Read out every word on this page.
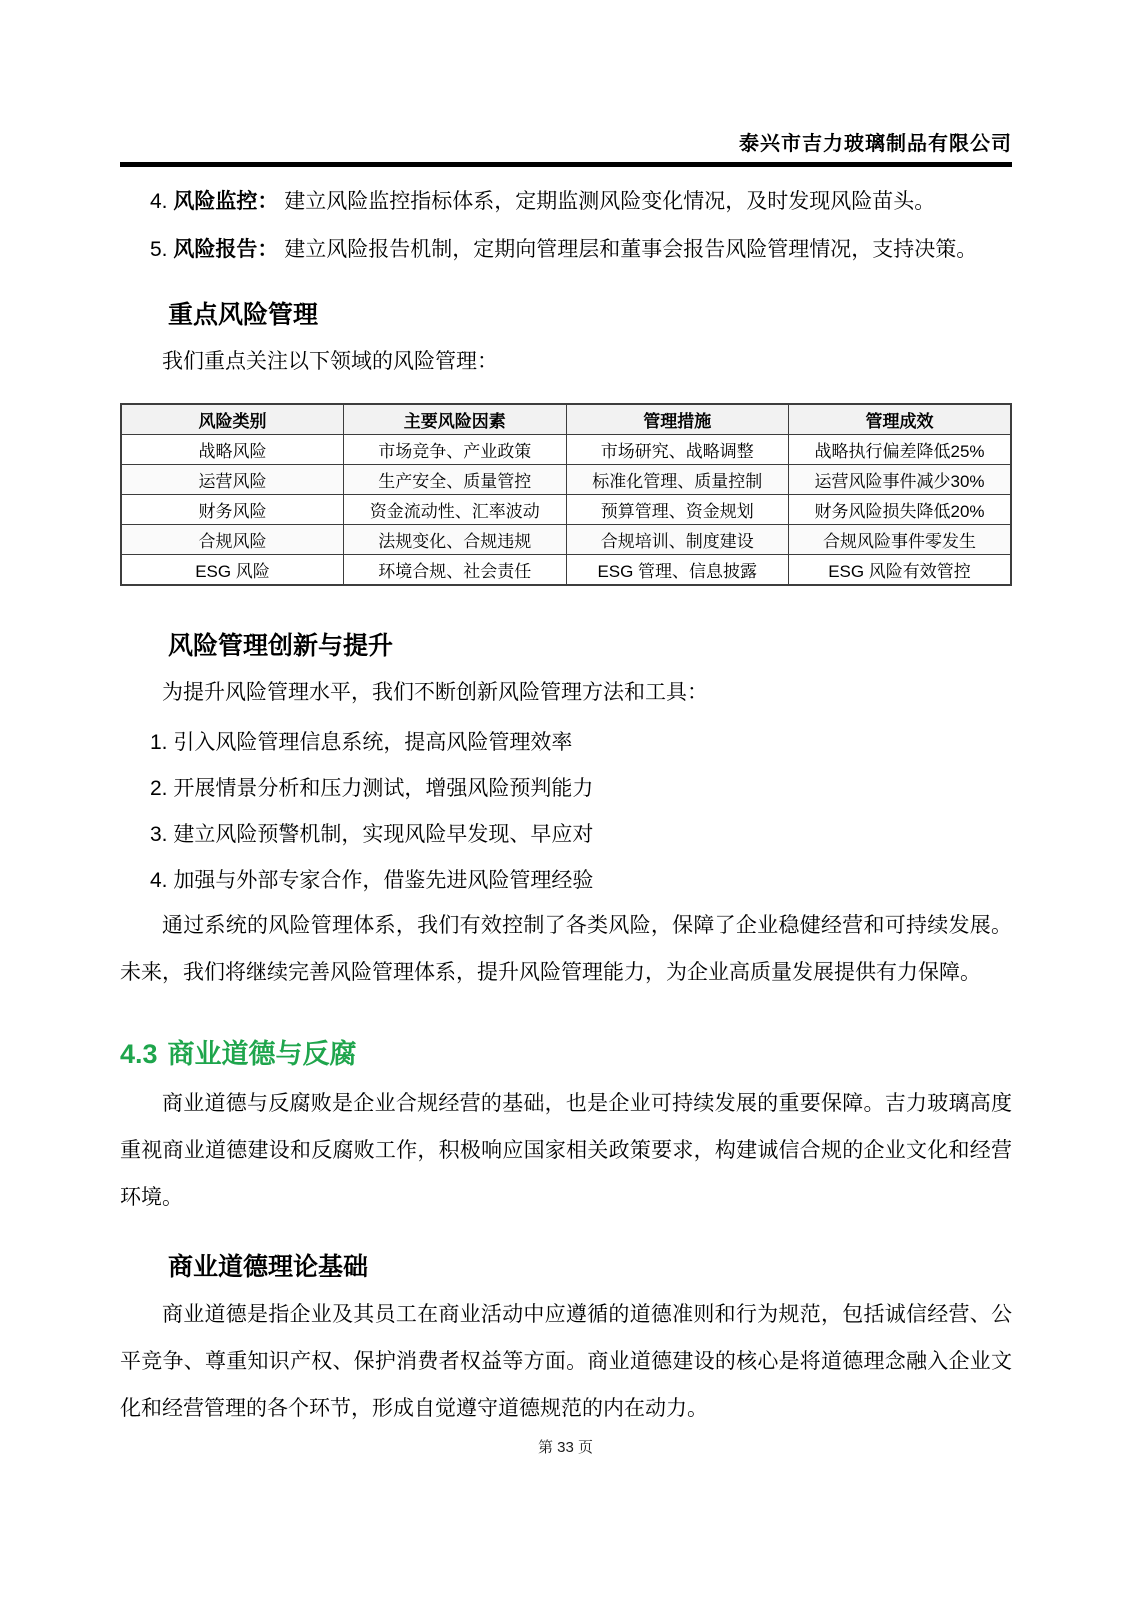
泰兴市吉力玻璃制品有限公司
4. 风险监控： 建立风险监控指标体系，定期监测风险变化情况，及时发现风险苗头。
5. 风险报告： 建立风险报告机制，定期向管理层和董事会报告风险管理情况，支持决策。
重点风险管理

我们重点关注以下领域的风险管理：

风险类别	主要风险因素	管理措施	管理成效
战略风险	市场竞争、产业政策	市场研究、战略调整	战略执行偏差降低25%
运营风险	生产安全、质量管控	标准化管理、质量控制	运营风险事件减少30%
财务风险	资金流动性、汇率波动	预算管理、资金规划	财务风险损失降低20%
合规风险	法规变化、合规违规	合规培训、制度建设	合规风险事件零发生
ESG 风险	环境合规、社会责任	ESG 管理、信息披露	ESG 风险有效管控
风险管理创新与提升

为提升风险管理水平，我们不断创新风险管理方法和工具：

1. 引入风险管理信息系统，提高风险管理效率
2. 开展情景分析和压力测试，增强风险预判能力
3. 建立风险预警机制，实现风险早发现、早应对
4. 加强与外部专家合作，借鉴先进风险管理经验

通过系统的风险管理体系，我们有效控制了各类风险，保障了企业稳健经营和可持续发展。未来，我们将继续完善风险管理体系，提升风险管理能力，为企业高质量发展提供有力保障。

4.3 商业道德与反腐

商业道德与反腐败是企业合规经营的基础，也是企业可持续发展的重要保障。吉力玻璃高度重视商业道德建设和反腐败工作，积极响应国家相关政策要求，构建诚信合规的企业文化和经营环境。

商业道德理论基础

商业道德是指企业及其员工在商业活动中应遵循的道德准则和行为规范，包括诚信经营、公平竞争、尊重知识产权、保护消费者权益等方面。商业道德建设的核心是将道德理念融入企业文化和经营管理的各个环节，形成自觉遵守道德规范的内在动力。

第 33 页
